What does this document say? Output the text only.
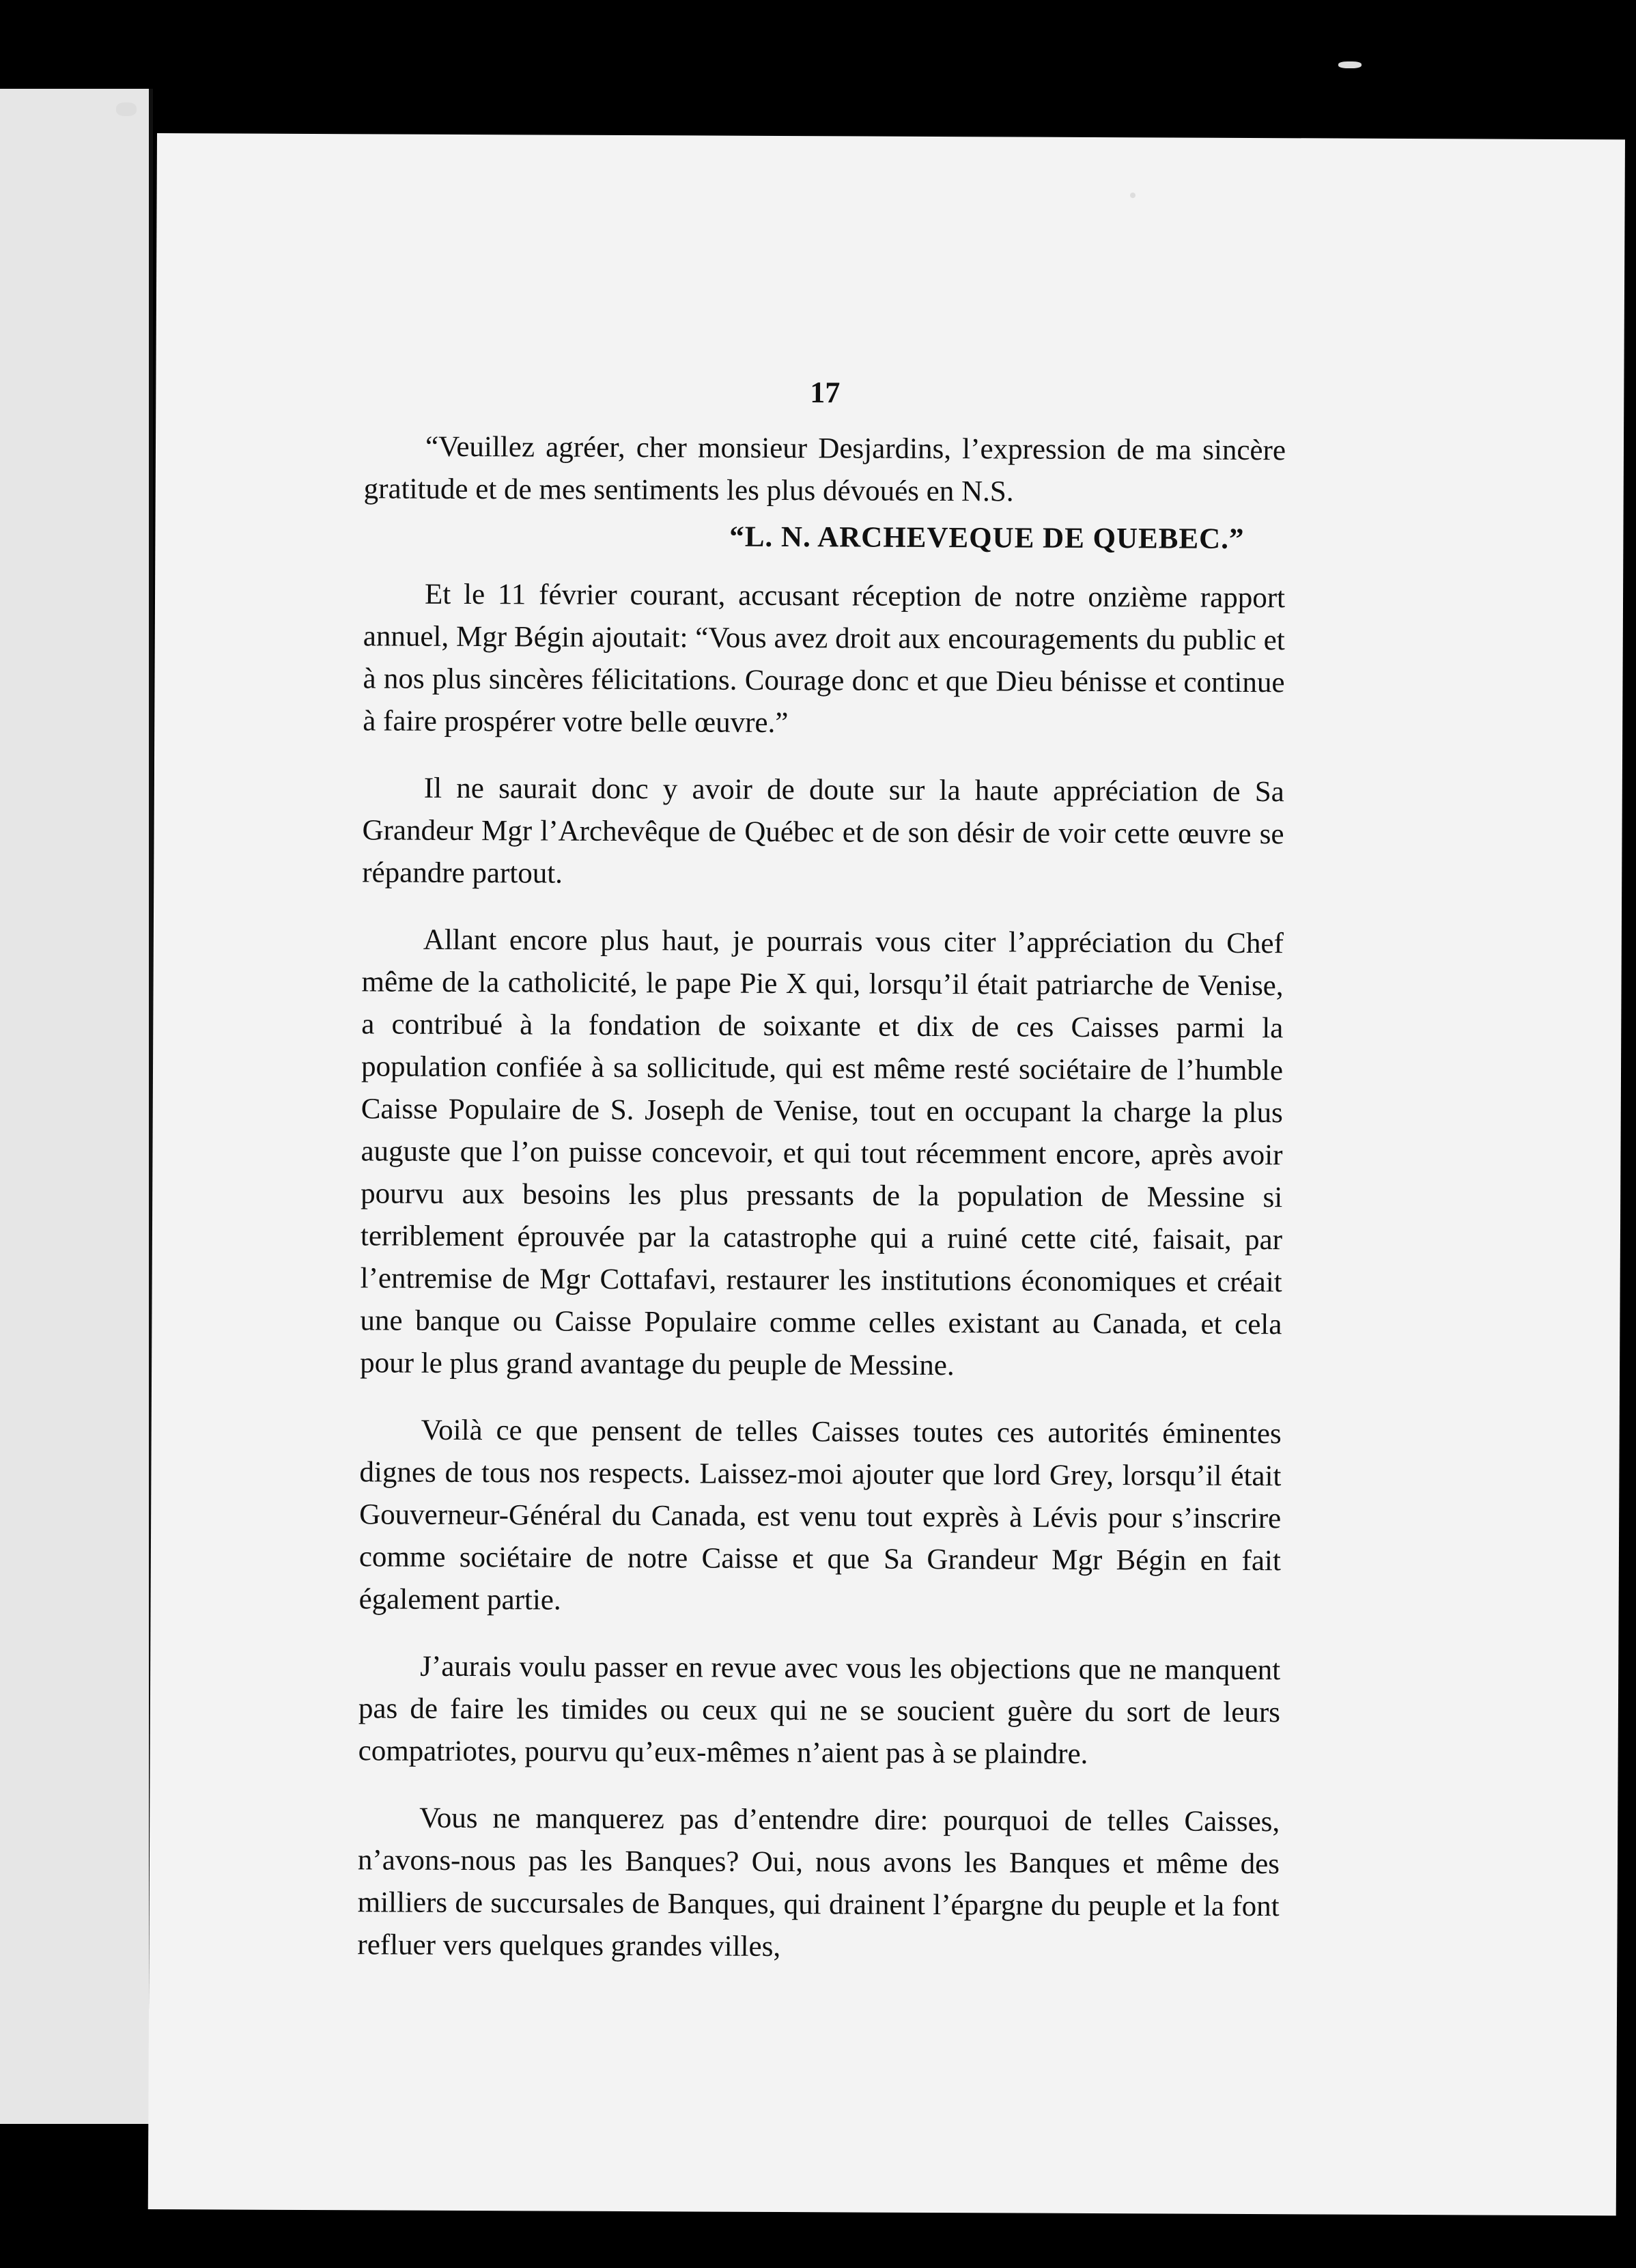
17

“Veuillez agréer, cher monsieur Desjardins, l’expression de ma sincère gratitude et de mes sentiments les plus dévoués en N.S.

“L. N. ARCHEVEQUE DE QUEBEC.”

Et le 11 février courant, accusant réception de notre onzième rapport annuel, Mgr Bégin ajoutait: “Vous avez droit aux encouragements du public et à nos plus sincères félicitations. Courage donc et que Dieu bénisse et continue à faire prospérer votre belle œuvre.”

Il ne saurait donc y avoir de doute sur la haute appréciation de Sa Grandeur Mgr l’Archevêque de Québec et de son désir de voir cette œuvre se répandre partout.

Allant encore plus haut, je pourrais vous citer l’appréciation du Chef même de la catholicité, le pape Pie X qui, lorsqu’il était patriarche de Venise, a contribué à la fondation de soixante et dix de ces Caisses parmi la population confiée à sa sollicitude, qui est même resté sociétaire de l’humble Caisse Populaire de S. Joseph de Venise, tout en occupant la charge la plus auguste que l’on puisse concevoir, et qui tout récemment encore, après avoir pourvu aux besoins les plus pressants de la population de Messine si terriblement éprouvée par la catastrophe qui a ruiné cette cité, faisait, par l’entremise de Mgr Cottafavi, restaurer les institutions économiques et créait une banque ou Caisse Populaire comme celles existant au Canada, et cela pour le plus grand avantage du peuple de Messine.

Voilà ce que pensent de telles Caisses toutes ces autorités éminentes dignes de tous nos respects. Laissez-moi ajouter que lord Grey, lorsqu’il était Gouverneur-Général du Canada, est venu tout exprès à Lévis pour s’inscrire comme sociétaire de notre Caisse et que Sa Grandeur Mgr Bégin en fait également partie.

J’aurais voulu passer en revue avec vous les objections que ne manquent pas de faire les timides ou ceux qui ne se soucient guère du sort de leurs compatriotes, pourvu qu’eux-mêmes n’aient pas à se plaindre.

Vous ne manquerez pas d’entendre dire: pourquoi de telles Caisses, n’avons-nous pas les Banques? Oui, nous avons les Banques et même des milliers de succursales de Banques, qui drainent l’épargne du peuple et la font refluer vers quelques grandes villes,
